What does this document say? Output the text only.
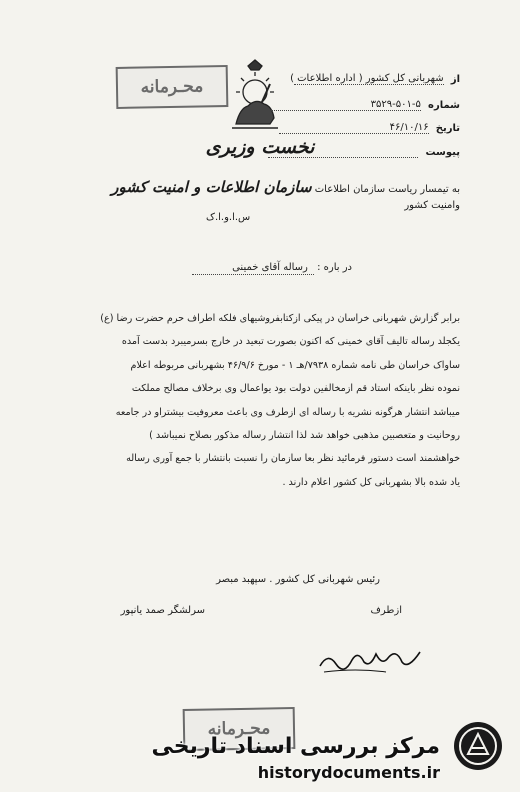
محـرمانه
نخست وزیری
از شهربانی کل کشور ( اداره اطلاعات )
شماره ۳۵۲۹-۵۰۱-۵
تاریخ ۴۶/۱۰/۱۶
پیوست
به تیمسار ریاست سازمان اطلاعات سازمان اطلاعات و امنیت کشور
وامنیت کشور
س.ا.و.ا.ک
در باره : رساله آقای خمینی

برابر گزارش شهربانی خراسان در پیکی ازکتابفروشیهای فلکه اطراف حرم حضرت رضا (ع)

یکجلد رساله تالیف آقای خمینی که اکنون بصورت تبعید در خارج بسرمیبرد بدست آمده

ساواک خراسان طی نامه شماره ۷۹۳۸/هـ ۱ - مورخ ۴۶/۹/۶ بشهربانی مربوطه اعلام

نموده نظر باینکه استاد قم ازمخالفین دولت بود یواعمال وی برخلاف مصالح مملکت

میباشد انتشار هرگونه نشریه با رساله ای ازطرف وی باعث معروفیت بیشتراو در جامعه

روحانیت و متعصبین مذهبی خواهد شد لذا انتشار رساله مذکور بصلاح نمیباشد )

خواهشمند است دستور فرمائید نظر بعا سازمان را نسبت بانتشار با جمع آوری رساله

یاد شده بالا بشهربانی کل کشور اعلام دارند .

رئیس شهربانی کل کشور . سپهبد مبصر
ازطرف
سرلشگر صمد یانپور
محـرمانه
مرکز بررسی اسناد تاریخی
historydocuments.ir
